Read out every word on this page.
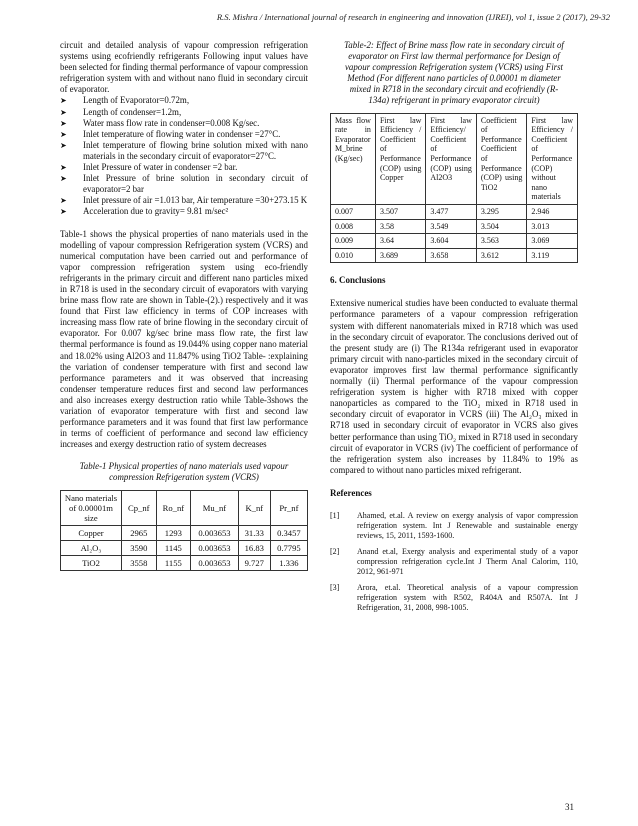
R.S. Mishra / International journal of research in engineering and innovation (IJREI), vol 1, issue 2 (2017), 29-32

circuit and detailed analysis of vapour compression refrigeration systems using ecofriendly refrigerants Following input values have been selected for finding thermal performance of vapour compression refrigeration system with and without nano fluid in secondary circuit of evaporator.

➤	Length of Evaporator=0.72m,
➤	Length of condenser=1.2m,
➤	Water mass flow rate in condenser=0.008 Kg/sec.
➤	Inlet temperature of flowing water in condenser =27°C.
➤	Inlet temperature of flowing brine solution mixed with nano materials in the secondary circuit of evaporator=27°C.
➤	Inlet Pressure of water in condenser =2 bar.
➤	Inlet Pressure of brine solution in secondary circuit of evaporator=2 bar
➤	Inlet pressure of air =1.013 bar, Air temperature =30+273.15 K
➤	Acceleration due to gravity= 9.81 m/sec²

Table-1 shows the physical properties of nano materials used in the modelling of vapour compression Refrigeration system (VCRS) and numerical computation have been carried out and performance of vapor compression refrigeration system using eco-friendly refrigerants in the primary circuit and different nano particles mixed in R718 is used in the secondary circuit of evaporators with varying brine mass flow rate are shown in Table-(2).) respectively and it was found that First law efficiency in terms of COP increases with increasing mass flow rate of brine flowing in the secondary circuit of evaporator. For 0.007 kg/sec brine mass flow rate, the first law thermal performance is found as 19.044% using copper nano material and 18.02% using Al2O3 and 11.847% using TiO2 Table- :explaining the variation of condenser temperature with first and second law performance parameters and it was observed that increasing condenser temperature reduces first and second law performances and also increases exergy destruction ratio while Table-3shows the variation of evaporator temperature with first and second law performance parameters and it was found that first law performance in terms of coefficient of performance and second law efficiency increases and exergy destruction ratio of system decreases

Table-1 Physical properties of nano materials used vapour compression Refrigeration system (VCRS)

Nano materials of 0.00001m size	Cp_nf	Ro_nf	Mu_nf	K_nf	Pr_nf
Copper	2965	1293	0.003653	31.33	0.3457
Al₂O₃	3590	1145	0.003653	16.83	0.7795
TiO2	3558	1155	0.003653	9.727	1.336

Table-2: Effect of Brine mass flow rate in secondary circuit of evaporator on First law thermal performance for Design of vapour compression Refrigeration system (VCRS) using First Method (For different nano particles of 0.00001 m diameter mixed in R718 in the secondary circuit and ecofriendly (R-134a) refrigerant in primary evaporator circuit)

Mass flow rate in Evaporator M_brine (Kg/sec)	First law Efficiency / Coefficient of Performance (COP) using Copper	First law Efficiency/ Coefficient of Performance (COP) using Al2O3	Coefficient of Performance Coefficient of Performance (COP) using TiO2	First law Efficiency / Coefficient of Performance (COP) without nano materials
0.007	3.507	3.477	3.295	2.946
0.008	3.58	3.549	3.504	3.013
0.009	3.64	3.604	3.563	3.069
0.010	3.689	3.658	3.612	3.119
6. Conclusions

Extensive numerical studies have been conducted to evaluate thermal performance parameters of a vapour compression refrigeration system with different nanomaterials mixed in R718 which was used in the secondary circuit of evaporator. The conclusions derived out of the present study are (i) The R134a refrigerant used in evaporator primary circuit with nano-particles mixed in the secondary circuit of evaporator improves first law thermal performance significantly normally (ii) Thermal performance of the vapour compression refrigeration system is higher with R718 mixed with copper nanoparticles as compared to the TiO₂ mixed in R718 used in secondary circuit of evaporator in VCRS (iii) The Al₂O₃ mixed in R718 used in secondary circuit of evaporator in VCRS also gives better performance than using TiO₂ mixed in R718 used in secondary circuit of evaporator in VCRS (iv) The coefficient of performance of the refrigeration system also increases by 11.84% to 19% as compared to without nano particles mixed refrigerant.

References
[1] Ahamed, et.al. A review on exergy analysis of vapor compression refrigeration system. Int J Renewable and sustainable energy reviews, 15, 2011, 1593-1600.
[2] Anand et.al, Exergy analysis and experimental study of a vapor compression refrigeration cycle.Int J Therm Anal Calorim, 110, 2012, 961-971
[3] Arora, et.al. Theoretical analysis of a vapour compression refrigeration system with R502, R404A and R507A. Int J Refrigeration, 31, 2008, 998-1005.
31
